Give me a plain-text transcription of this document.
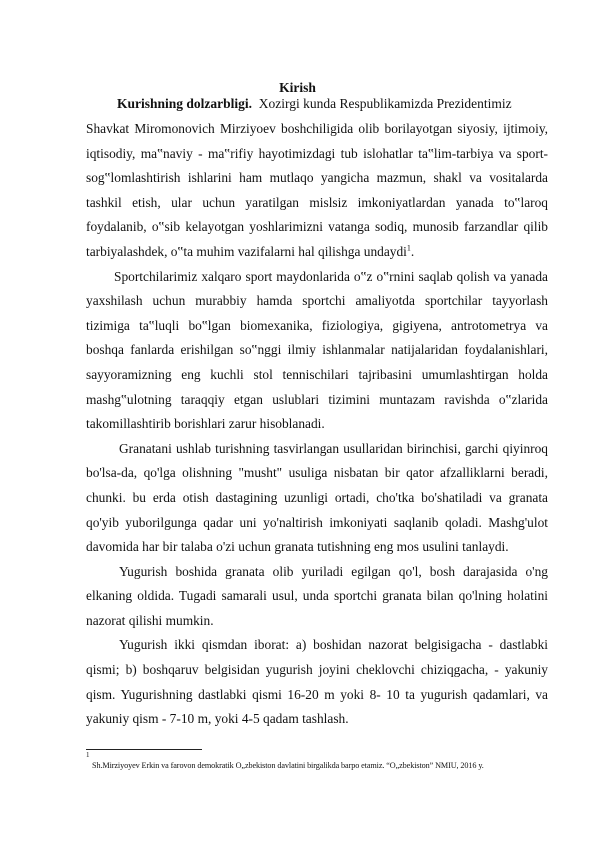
Kirish
Kurishning dolzarbligi. Xozirgi kunda Respublikamizda Prezidentimiz

Shavkat Miromonovich Mirziyoev boshchiligida olib borilayotgan siyosiy, ijtimoiy, iqtisodiy, ma‟naviy - ma‟rifiy hayotimizdagi tub islohatlar ta‟lim-tarbiya va sport-sog‟lomlashtirish ishlarini ham mutlaqo yangicha mazmun, shakl va vositalarda tashkil etish, ular uchun yaratilgan mislsiz imkoniyatlardan yanada to‟laroq foydalanib, o‟sib kelayotgan yoshlarimizni vatanga sodiq, munosib farzandlar qilib tarbiyalashdek, o‟ta muhim vazifalarni hal qilishga undaydi$^1$.

Sportchilarimiz xalqaro sport maydonlarida o‟z o‟rnini saqlab qolish va yanada yaxshilash uchun murabbiy hamda sportchi amaliyotda sportchilar tayyorlash tizimiga ta‟luqli bo‟lgan biomexanika, fiziologiya, gigiyena, antrotometrya va boshqa fanlarda erishilgan so‟nggi ilmiy ishlanmalar natijalaridan foydalanishlari, sayyoramizning eng kuchli stol tennischilari tajribasini umumlashtirgan holda mashg‟ulotning taraqqiy etgan uslublari tizimini muntazam ravishda o‟zlarida takomillashtirib borishlari zarur hisoblanadi.

Granatani ushlab turishning tasvirlangan usullaridan birinchisi, garchi qiyinroq bo'lsa-da, qo'lga olishning "musht" usuliga nisbatan bir qator afzalliklarni beradi, chunki. bu erda otish dastagining uzunligi ortadi, cho'tka bo'shatiladi va granata qo'yib yuborilgunga qadar uni yo'naltirish imkoniyati saqlanib qoladi. Mashg'ulot davomida har bir talaba o'zi uchun granata tutishning eng mos usulini tanlaydi.

Yugurish boshida granata olib yuriladi egilgan qo'l, bosh darajasida o'ng elkaning oldida. Tugadi samarali usul, unda sportchi granata bilan qo'lning holatini nazorat qilishi mumkin.

Yugurish ikki qismdan iborat: a) boshidan nazorat belgisigacha - dastlabki qismi; b) boshqaruv belgisidan yugurish joyini cheklovchi chiziqgacha, - yakuniy qism. Yugurishning dastlabki qismi 16-20 m yoki 8- 10 ta yugurish qadamlari, va yakuniy qism - 7-10 m, yoki 4-5 qadam tashlash.

1
Sh.Mirziyoyev Erkin va farovon demokratik O„zbekiston davlatini birgalikda barpo etamiz. “O„zbekiston” NMIU, 2016 y.
